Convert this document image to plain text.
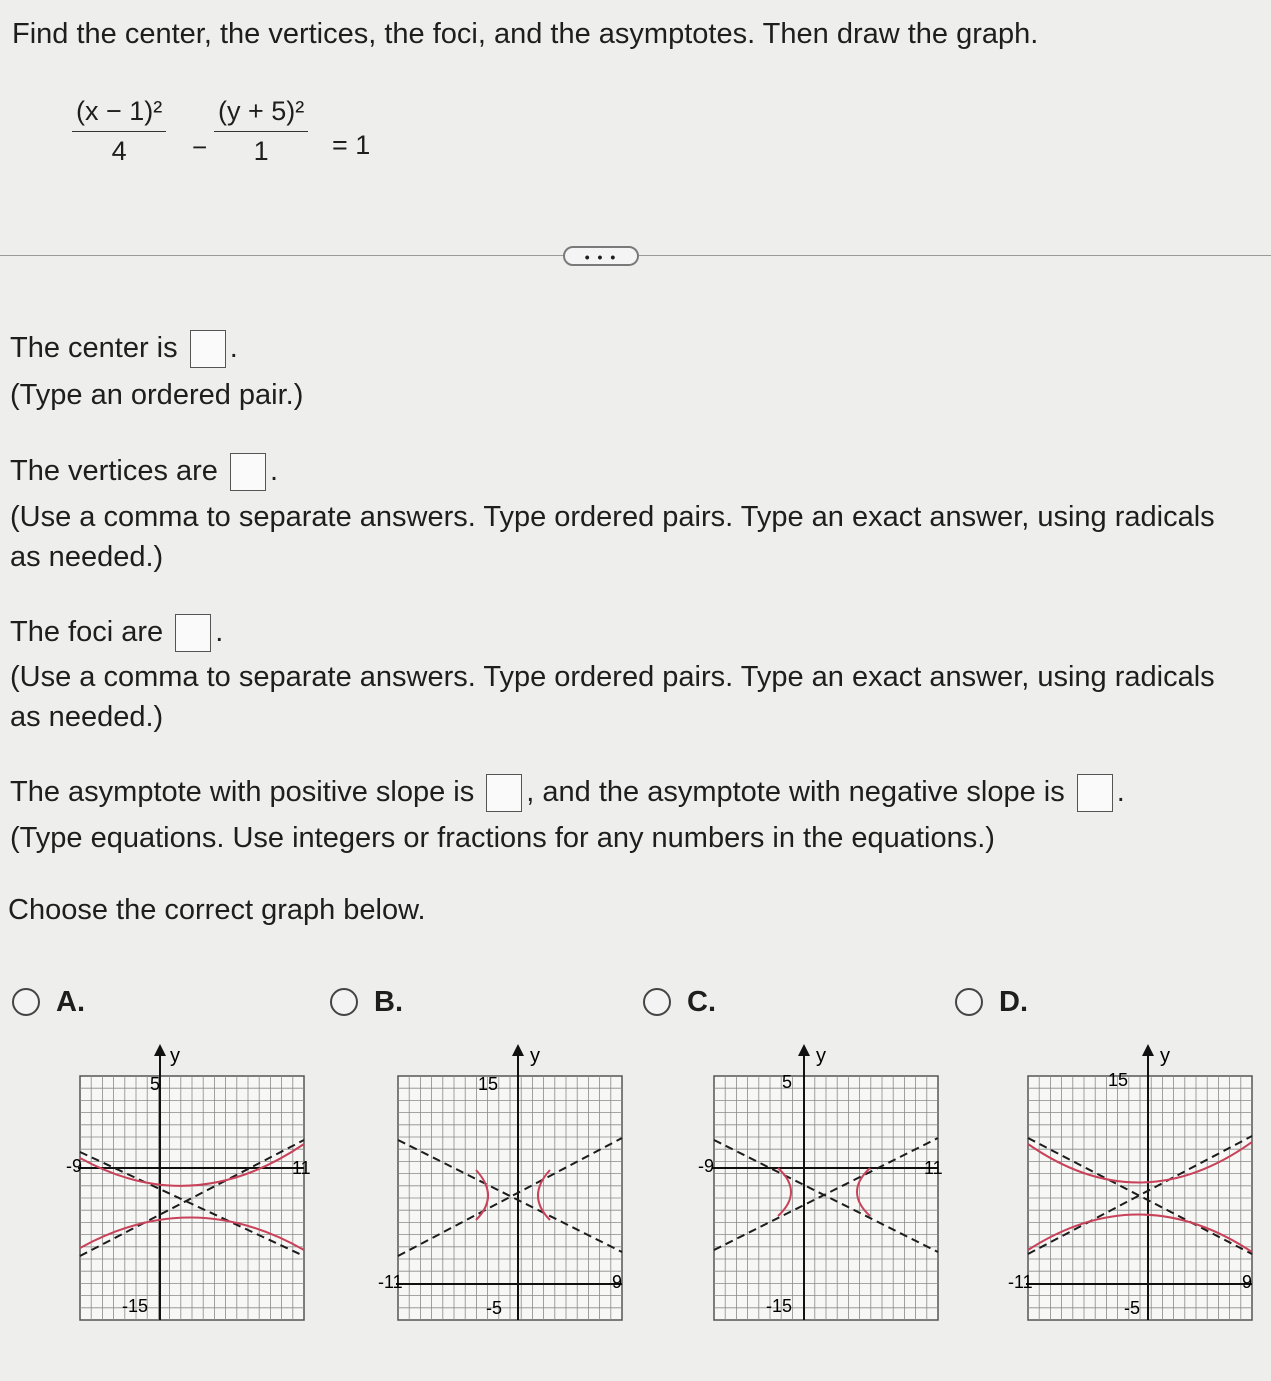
Find the center, the vertices, the foci, and the asymptotes. Then draw the graph.
$\frac{\text{(x − 1)²}}{4} - \frac{\text{(y + 5)²}}{1} = 1$
• • •
The center is .
(Type an ordered pair.)
The vertices are .
(Use a comma to separate answers. Type ordered pairs. Type an exact answer, using radicals as needed.)
The foci are .
(Use a comma to separate answers. Type ordered pairs. Type an exact answer, using radicals as needed.)
The asymptote with positive slope is , and the asymptote with negative slope is .
(Type equations. Use integers or fractions for any numbers in the equations.)
Choose the correct graph below.
A.	B.	C.	D.
y
5
-15
-9	11
y
15
-5
-11	9
y
5
-15
-9	11
y
15
-5
-11	9
